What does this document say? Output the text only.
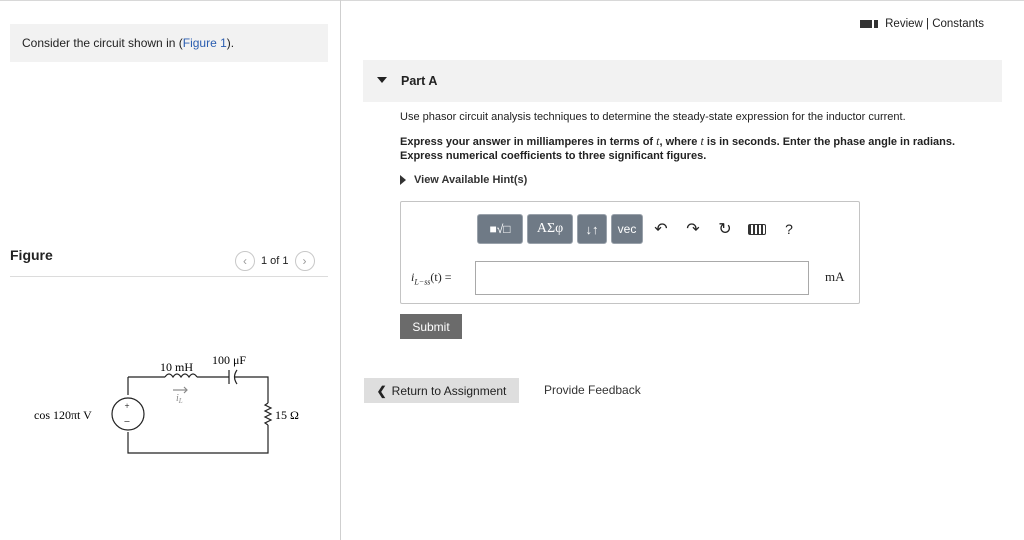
Consider the circuit shown in (Figure 1).
Figure	‹	1 of 1	›
+
−
10 mH 100 μF
$i_L$
cos 120πt V	15 Ω
Review | Constants
Part A
Use phasor circuit analysis techniques to determine the steady-state expression for the inductor current.
Express your answer in milliamperes in terms of t, where t is in seconds. Enter the phase angle in radians.
Express numerical coefficients to three significant figures.
View Available Hint(s)
■√□	ΑΣφ	↓↑	vec	↶	↷	↻	?
$i_{L-ss}(t)$ =	mA
Submit
❮ Return to Assignment	Provide Feedback
